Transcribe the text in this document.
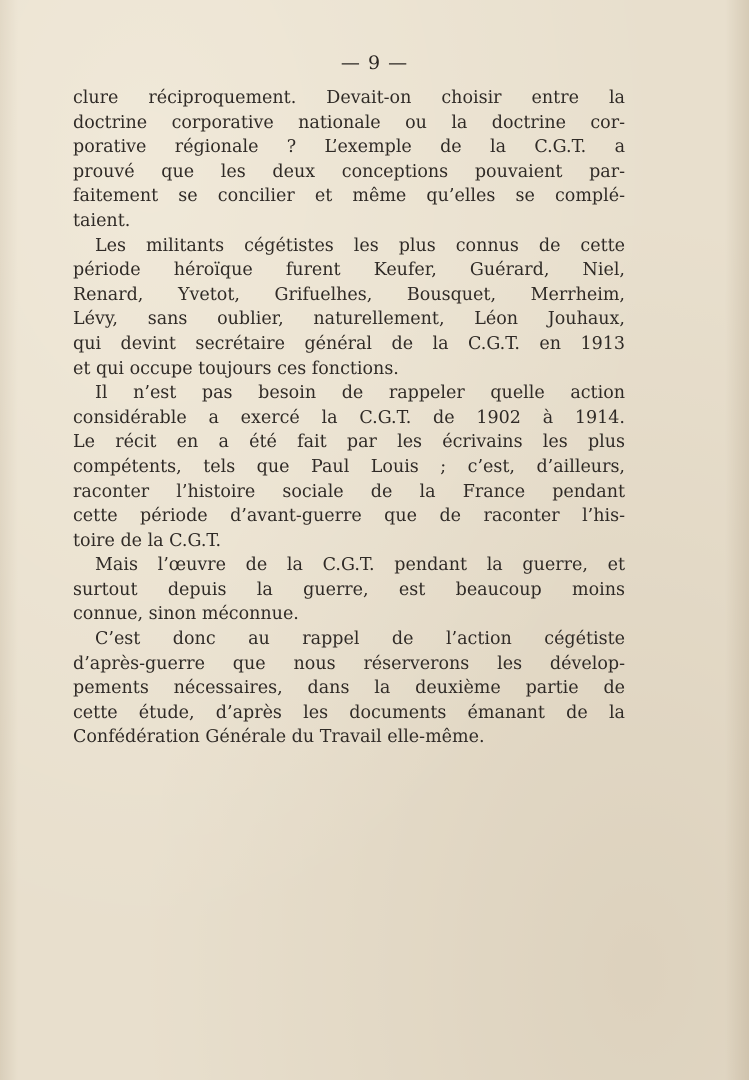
— 9 —
clure réciproquement. Devait-on choisir entre la
doctrine corporative nationale ou la doctrine cor-
porative régionale ? L’exemple de la C.G.T. a
prouvé que les deux conceptions pouvaient par-
faitement se concilier et même qu’elles se complé-
taient.
Les militants cégétistes les plus connus de cette
période héroïque furent Keufer, Guérard, Niel,
Renard, Yvetot, Grifuelhes, Bousquet, Merrheim,
Lévy, sans oublier, naturellement, Léon Jouhaux,
qui devint secrétaire général de la C.G.T. en 1913
et qui occupe toujours ces fonctions.
Il n’est pas besoin de rappeler quelle action
considérable a exercé la C.G.T. de 1902 à 1914.
Le récit en a été fait par les écrivains les plus
compétents, tels que Paul Louis ; c’est, d’ailleurs,
raconter l’histoire sociale de la France pendant
cette période d’avant-guerre que de raconter l’his-
toire de la C.G.T.
Mais l’œuvre de la C.G.T. pendant la guerre, et
surtout depuis la guerre, est beaucoup moins
connue, sinon méconnue.
C’est donc au rappel de l’action cégétiste
d’après-guerre que nous réserverons les dévelop-
pements nécessaires, dans la deuxième partie de
cette étude, d’après les documents émanant de la
Confédération Générale du Travail elle-même.
